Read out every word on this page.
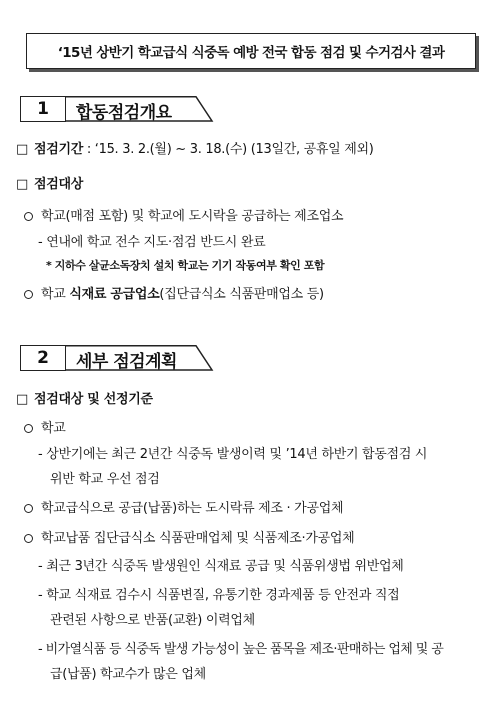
‘15년 상반기 학교급식 식중독 예방 전국 합동 점검 및 수거검사 결과
1	합동점검개요
□ 점검기간 : ‘15. 3. 2.(월) ~ 3. 18.(수) (13일간, 공휴일 제외)
□ 점검대상
학교(매점 포함) 및 학교에 도시락을 공급하는 제조업소
- 연내에 학교 전수 지도·점검 반드시 완료
* 지하수 살균소독장치 설치 학교는 기기 작동여부 확인 포함
학교 식재료 공급업소(집단급식소 식품판매업소 등)
2	세부 점검계획
□ 점검대상 및 선정기준
학교
- 상반기에는 최근 2년간 식중독 발생이력 및 ’14년 하반기 합동점검 시
위반 학교 우선 점검
학교급식으로 공급(납품)하는 도시락류 제조 · 가공업체
학교납품 집단급식소 식품판매업체 및 식품제조·가공업체
- 최근 3년간 식중독 발생원인 식재료 공급 및 식품위생법 위반업체
- 학교 식재료 검수시 식품변질, 유통기한 경과제품 등 안전과 직접
관련된 사항으로 반품(교환) 이력업체
- 비가열식품 등 식중독 발생 가능성이 높은 품목을 제조·판매하는 업체 및 공
급(납품) 학교수가 많은 업체
